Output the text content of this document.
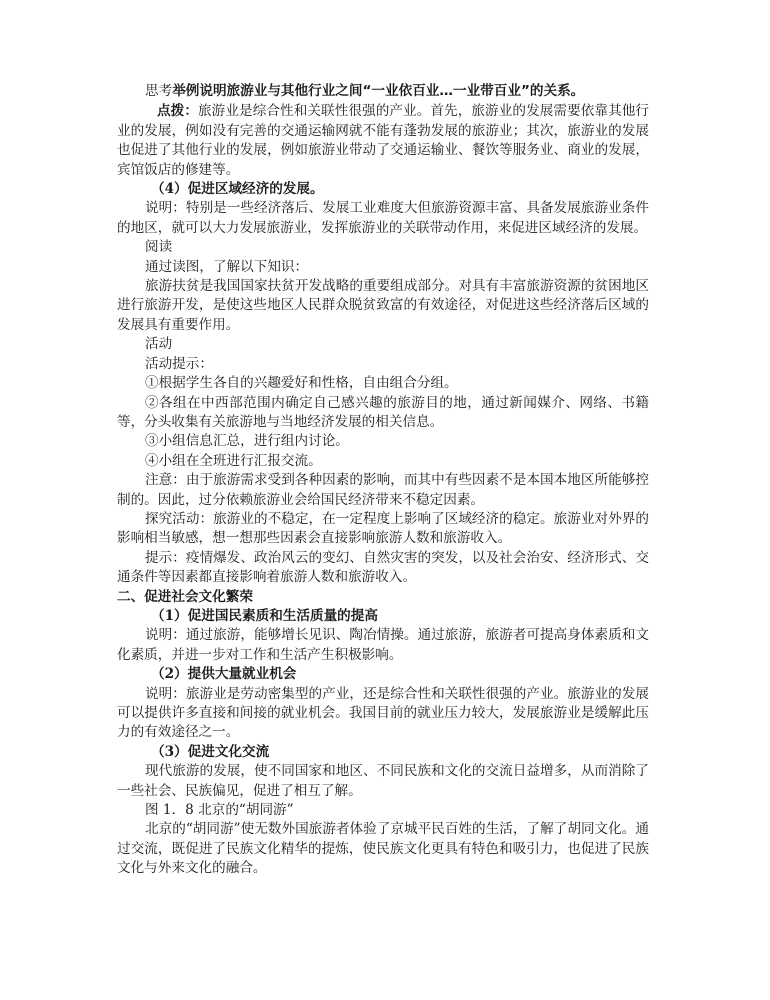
思考举例说明旅游业与其他行业之间“一业依百业…一业带百业”的关系。

点拨：旅游业是综合性和关联性很强的产业。首先，旅游业的发展需要依靠其他行业的发展，例如没有完善的交通运输网就不能有蓬勃发展的旅游业；其次，旅游业的发展也促进了其他行业的发展，例如旅游业带动了交通运输业、餐饮等服务业、商业的发展，宾馆饭店的修建等。

（4）促进区域经济的发展。

说明：特别是一些经济落后、发展工业难度大但旅游资源丰富、具备发展旅游业条件的地区，就可以大力发展旅游业，发挥旅游业的关联带动作用，来促进区域经济的发展。

阅读

通过读图，了解以下知识：

旅游扶贫是我国国家扶贫开发战略的重要组成部分。对具有丰富旅游资源的贫困地区进行旅游开发，是使这些地区人民群众脱贫致富的有效途径，对促进这些经济落后区域的发展具有重要作用。

活动

活动提示：

①根据学生各自的兴趣爱好和性格，自由组合分组。

②各组在中西部范围内确定自己感兴趣的旅游目的地，通过新闻媒介、网络、书籍等，分头收集有关旅游地与当地经济发展的相关信息。

③小组信息汇总，进行组内讨论。

④小组在全班进行汇报交流。

注意：由于旅游需求受到各种因素的影响，而其中有些因素不是本国本地区所能够控制的。因此，过分依赖旅游业会给国民经济带来不稳定因素。

探究活动：旅游业的不稳定，在一定程度上影响了区域经济的稳定。旅游业对外界的影响相当敏感，想一想那些因素会直接影响旅游人数和旅游收入。

提示：疫情爆发、政治风云的变幻、自然灾害的突发，以及社会治安、经济形式、交通条件等因素都直接影响着旅游人数和旅游收入。

二、促进社会文化繁荣

（1）促进国民素质和生活质量的提高

说明：通过旅游，能够增长见识、陶冶情操。通过旅游，旅游者可提高身体素质和文化素质，并进一步对工作和生活产生积极影响。

（2）提供大量就业机会

说明：旅游业是劳动密集型的产业，还是综合性和关联性很强的产业。旅游业的发展可以提供许多直接和间接的就业机会。我国目前的就业压力较大，发展旅游业是缓解此压力的有效途径之一。

（3）促进文化交流

现代旅游的发展，使不同国家和地区、不同民族和文化的交流日益增多，从而消除了一些社会、民族偏见，促进了相互了解。

图 1．8 北京的“胡同游”

北京的“胡同游”使无数外国旅游者体验了京城平民百姓的生活，了解了胡同文化。通过交流，既促进了民族文化精华的提炼，使民族文化更具有特色和吸引力，也促进了民族文化与外来文化的融合。
